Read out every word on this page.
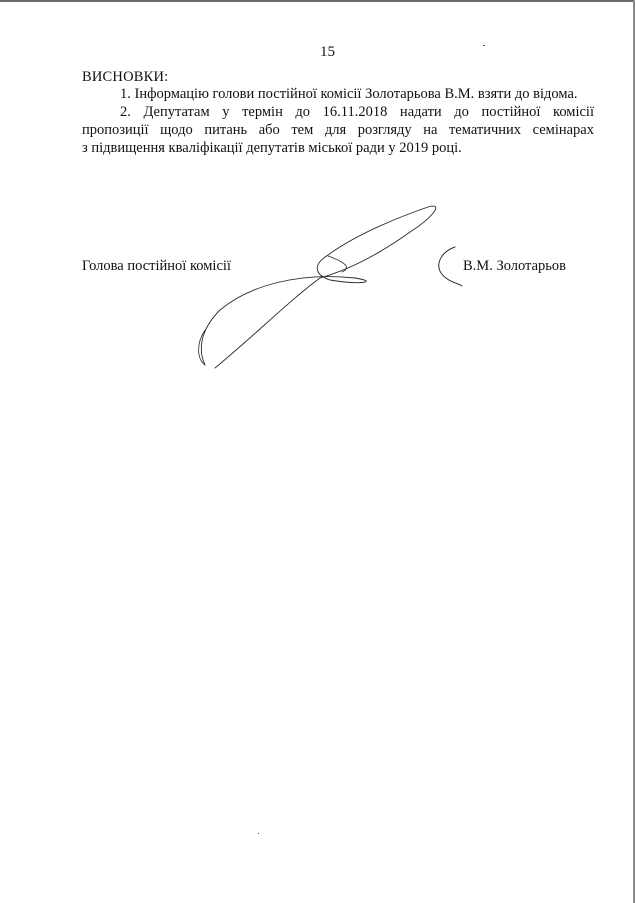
15
ВИСНОВКИ:
1. Інформацію голови постійної комісії Золотарьова В.М. взяти до відома.
2. Депутатам у термін до 16.11.2018 надати до постійної комісії
пропозиції щодо питань або тем для розгляду на тематичних семінарах
з підвищення кваліфікації депутатів міської ради у 2019 році.
Голова постійної комісії	В.М. Золотарьов
